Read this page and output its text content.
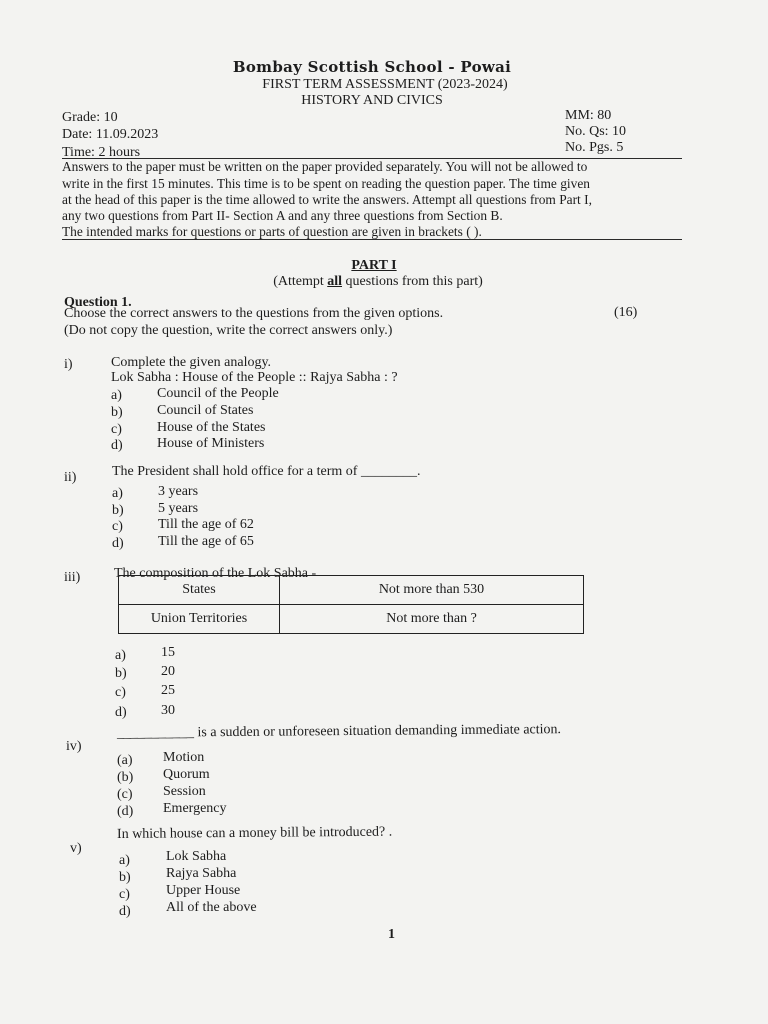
Bombay Scottish School - Powai
FIRST TERM ASSESSMENT (2023-2024)
HISTORY AND CIVICS
Grade: 10
Date: 11.09.2023
Time: 2 hours
MM: 80
No. Qs: 10
No. Pgs. 5
Answers to the paper must be written on the paper provided separately. You will not be allowed to
write in the first 15 minutes. This time is to be spent on reading the question paper. The time given
at the head of this paper is the time allowed to write the answers. Attempt all questions from Part I,
any two questions from Part II- Section A and any three questions from Section B.
The intended marks for questions or parts of question are given in brackets ( ).
PART I
(Attempt all questions from this part)
Question 1.
Choose the correct answers to the questions from the given options.
(Do not copy the question, write the correct answers only.)
(16)
i)	Complete the given analogy.
Lok Sabha : House of the People :: Rajya Sabha : ?
a)	Council of the People
b) Council of States
c)	House of the States
d) House of Ministers
ii)	The President shall hold office for a term of ________.
a)	3 years
b) 5 years
c)	Till the age of 62
d) Till the age of 65
iii) The composition of the Lok Sabha -
States	Not more than 530
Union Territories	Not more than ?
a)	15
b) 20
c)	25
d) 30
iv)
___________ is a sudden or unforeseen situation demanding immediate action.
(a) Motion
(b) Quorum
(c) Session
(d) Emergency
v)
In which house can a money bill be introduced? .
a)	Lok Sabha
b)	Rajya Sabha
c)	Upper House
d)	All of the above
1
